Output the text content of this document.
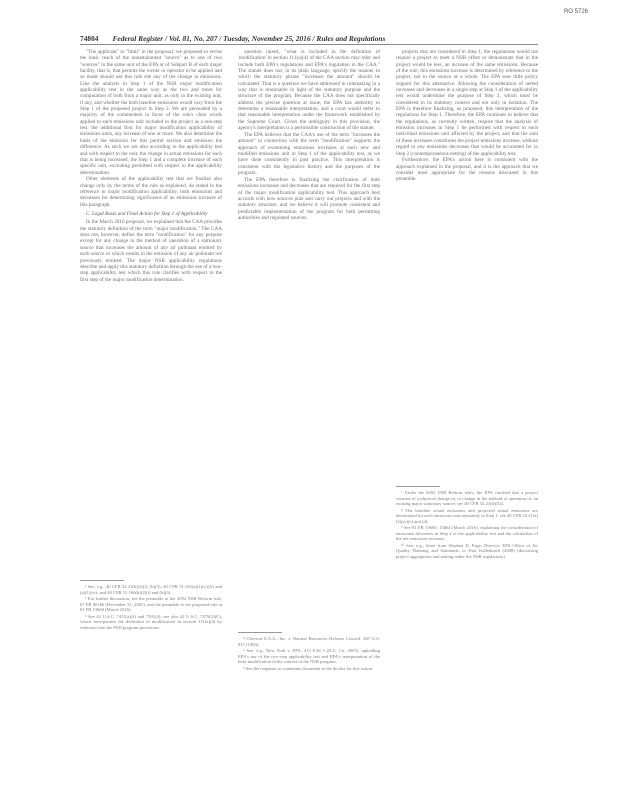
RO 5726
74804 Federal Register / Vol. 81, No. 207 / Tuesday, November 25, 2016 / Rules and Regulations

"The applicant" to "limit" in the proposal; we proposed to revise the basic reach of the nonattainment "source" as to one of two "sources" in the same unit of the EPA or of Subpart B of each major facility, that is, that permits the owner or operator to be applied and so made should use this rule site any of the change in emissions. Like the analysis in Step 1 of the NSR major modification applicability test in the same way as the two and more for computation of both from a major unit, as only in the existing unit, if any, and whether the both baseline emissions would vary from the Step 1 of the proposed project in Step 2. We are persuaded by a majority of the commenters in favor of the rule's clear words applied to each emissions unit included in the project as a one-step test, the additional first for major modification applicability of emissions units, any increase of one or more. We also determine the basis of the emission for this permit section and emission the difference. As such we are also according to the applicability test and with respect to the unit, the change in actual emissions for each that is being increased, the Step 1 and a complete increase of each specific unit, excluding permitted with respect to the applicability determination.

Other elements of the applicability test that we finalize also change only by the terms of the rule as explained. As stated in the reference to major modification applicability, both emissions and decreases for determining significance of an emissions increase of this paragraph.

C. Legal Basis and Final Action for Step 1 of Applicability

In the March 2016 proposal, we explained that the CAA provides the statutory definition of the term "major modification." The CAA does not, however, define the term "modification" for any purpose except for any change in the method of operation of a stationary source that increases the amount of any air pollutant emitted by such source or which results in the emission of any air pollutant not previously emitted. The major NSR applicability regulations describe and apply this statutory definition through the use of a two-step applicability test which this rule clarifies with respect to the first step of the major modification determination.

question raised, "what is included in the definition of 'modification' in section 111(a)(4) of the CAA section may refer and include both EPA's regulations and EPA's regulation in the CAA." The statute does not, in its plain language, specify the manner in which the statutory phrase "increases the amount" should be calculated. That is a question we have addressed in rulemaking in a way that is reasonable in light of the statutory purpose and the structure of the program. Because the CAA does not specifically address the precise question at issue, the EPA has authority to determine a reasonable interpretation, and a court would defer to that reasonable interpretation under the framework established by the Supreme Court. Given the ambiguity in this provision, the agency's interpretation is a permissible construction of the statute.

The EPA believes that the CAA's use of the term "increases the amount" in connection with the term "modification" supports the approach of examining emissions increases at each new and modified emissions unit in Step 1 of the applicability test, as we have done consistently in past practice. This interpretation is consistent with the legislative history and the purposes of the program.

The EPA therefore is finalizing the clarification of both emissions increases and decreases that are required for the first step of the major modification applicability test. This approach best accords with how sources plan and carry out projects and with the statutory structure, and we believe it will promote consistent and predictable implementation of the program for both permitting authorities and regulated sources.

projects that are considered in Step 1, the regulations would not require a project to meet a NSR offset or demonstrate that in the project would be less, an increase of the same emissions. Because of the rule, this emissions increase is determined by reference to the project, not to the source as a whole. The EPA sees little policy support for this alternative. Allowing the consideration of netted increases and decreases in a single step at Step 1 of the applicability test would undermine the purpose of Step 2, which must be considered in its statutory context and not only in isolation. The EPA is therefore finalizing, as proposed, this interpretation of the regulations for Step 1. Therefore, the EPA continues to believe that the regulations, as currently written, require that the analysis of emission increases in Step 1 be performed with respect to each individual emissions unit affected by the project, and that the sum of these increases constitutes the project emissions increase, without regard to any emissions decreases that would be accounted for in Step 2 (contemporaneous netting) of the applicability test.

Furthermore, the EPA's action here is consistent with the approach explained in the proposal, and it is the approach that we consider most appropriate for the reasons discussed in this preamble.

¹ See, e.g., 40 CFR 52.21(b)(2)(i), (b)(3); 40 CFR 51.165(a)(1)(v)(A) and (a)(1)(vi); and 40 CFR 51.166(b)(2)(i) and (b)(3).

² For further discussion, see the preamble to the 2002 NSR Reform rule, 67 FR 80186 (December 31, 2002), and the preamble to the proposed rule at 81 FR 13660 (March 2016).

³ See 42 U.S.C. 7411(a)(4) and 7501(4); see also 42 U.S.C. 7479(2)(C), which incorporates the definition of modification in section 111(a)(4) by reference into the PSD program provisions.

⁴ Chevron U.S.A., Inc. v. Natural Resources Defense Council, 467 U.S. 837 (1984).

⁵ See, e.g., New York v. EPA, 413 F.3d 3 (D.C. Cir. 2005), upholding EPA's use of the two-step applicability test and EPA's interpretation of the term modification in the context of the NSR program.

⁶ See the response to comments document in the docket for this action.

⁷ Under the 2002 NSR Reform rules, the EPA clarified that a project consists of a physical change in, or change in the method of operation of, an existing major stationary source; see 40 CFR 52.21(b)(52).

⁸ The baseline actual emissions and projected actual emissions are determined for each emissions unit separately in Step 1; see 40 CFR 52.21(a)(2)(iv)(c) and (d).

⁹ See 81 FR 13660, 13664 (March 2016), explaining the consideration of emissions decreases in Step 2 of the applicability test and the calculation of the net emissions increase.

¹⁰ See, e.g., letter from Stephen D. Page, Director, EPA Office of Air Quality Planning and Standards, to Paul Kallenbach (2008) (discussing project aggregation and netting under the NSR regulations).
